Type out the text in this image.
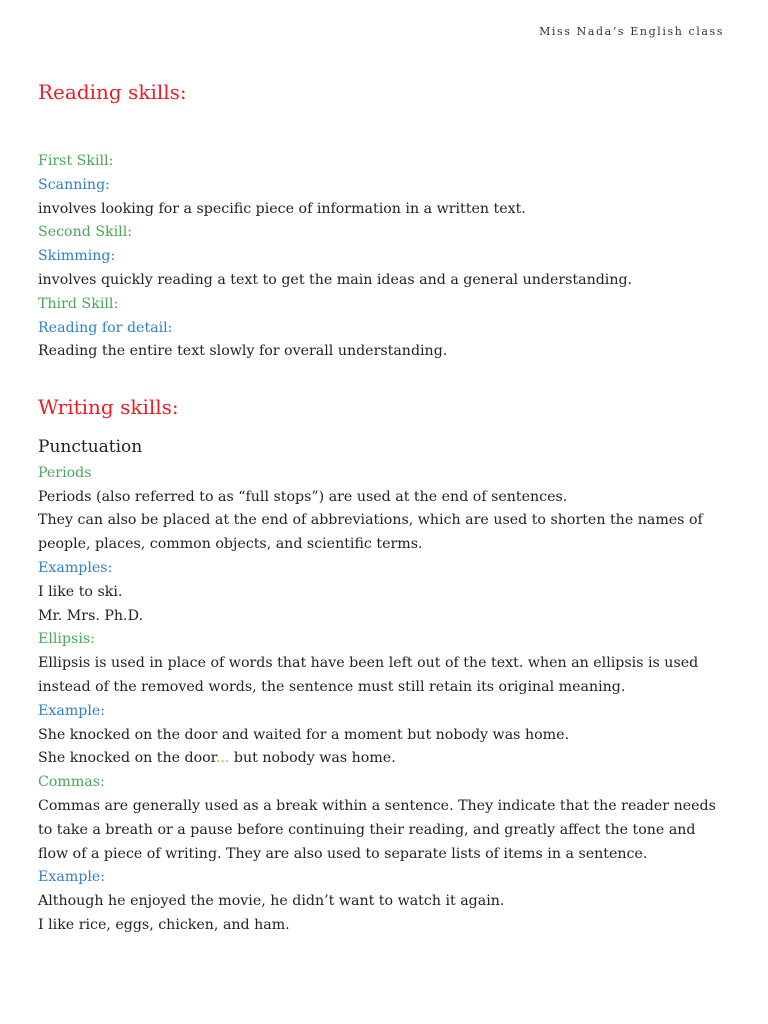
Miss Nada’s English class
Reading skills:
First Skill:
Scanning:
involves looking for a specific piece of information in a written text.
Second Skill:
Skimming:
involves quickly reading a text to get the main ideas and a general understanding.
Third Skill:
Reading for detail:
Reading the entire text slowly for overall understanding.
Writing skills:
Punctuation
Periods
Periods (also referred to as “full stops”) are used at the end of sentences.
They can also be placed at the end of abbreviations, which are used to shorten the names of people, places, common objects, and scientific terms.
Examples:
I like to ski.
Mr. Mrs. Ph.D.
Ellipsis:
Ellipsis is used in place of words that have been left out of the text. when an ellipsis is used instead of the removed words, the sentence must still retain its original meaning.
Example:
She knocked on the door and waited for a moment but nobody was home.
She knocked on the door... but nobody was home.
Commas:
Commas are generally used as a break within a sentence. They indicate that the reader needs to take a breath or a pause before continuing their reading, and greatly affect the tone and flow of a piece of writing. They are also used to separate lists of items in a sentence.
Example:
Although he enjoyed the movie, he didn’t want to watch it again.
I like rice, eggs, chicken, and ham.
